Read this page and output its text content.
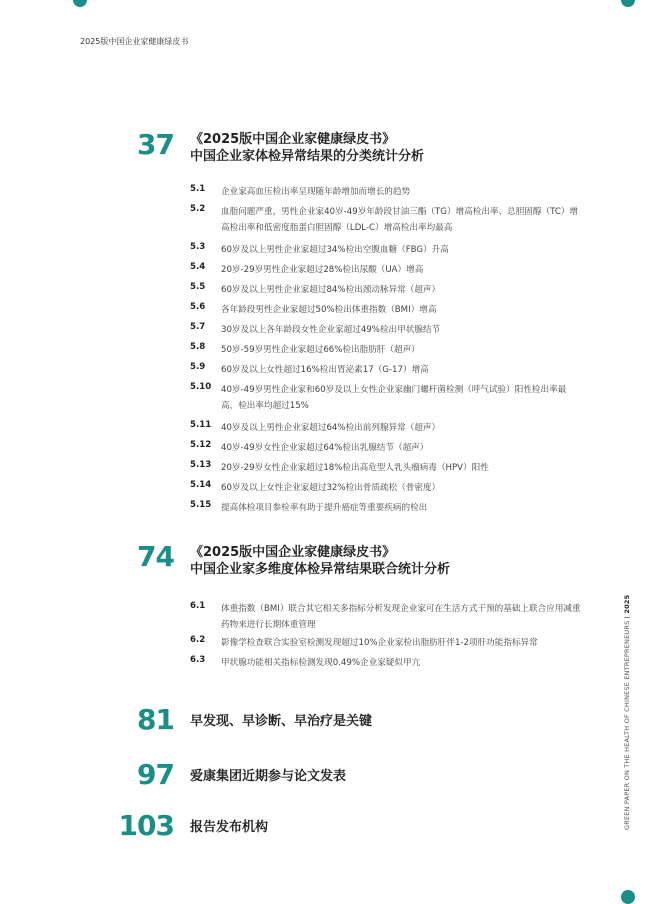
2025版中国企业家健康绿皮书
37 《2025版中国企业家健康绿皮书》
中国企业家体检异常结果的分类统计分析
5.1 企业家高血压检出率呈现随年龄增加而增长的趋势
5.2 血脂问题严重，男性企业家40岁-49岁年龄段甘油三酯（TG）增高检出率、总胆固醇（TC）增高检出率和低密度脂蛋白胆固醇（LDL-C）增高检出率均最高
5.3 60岁及以上男性企业家超过34%检出空腹血糖（FBG）升高
5.4 20岁-29岁男性企业家超过28%检出尿酸（UA）增高
5.5 60岁及以上男性企业家超过84%检出颈动脉异常（超声）
5.6 各年龄段男性企业家超过50%检出体重指数（BMI）增高
5.7 30岁及以上各年龄段女性企业家超过49%检出甲状腺结节
5.8 50岁-59岁男性企业家超过66%检出脂肪肝（超声）
5.9 60岁及以上女性超过16%检出胃泌素17（G-17）增高
5.10 40岁-49岁男性企业家和60岁及以上女性企业家幽门螺杆菌检测（呼气试验）阳性检出率最高，检出率均超过15%
5.11 40岁及以上男性企业家超过64%检出前列腺异常（超声）
5.12 40岁-49岁女性企业家超过64%检出乳腺结节（超声）
5.13 20岁-29岁女性企业家超过18%检出高危型人乳头瘤病毒（HPV）阳性
5.14 60岁及以上女性企业家超过32%检出骨质疏松（骨密度）
5.15 提高体检项目参检率有助于提升癌症等重要疾病的检出
74 《2025版中国企业家健康绿皮书》
中国企业家多维度体检异常结果联合统计分析
6.1 体重指数（BMI）联合其它相关多指标分析发现企业家可在生活方式干预的基础上联合应用减重药物来进行长期体重管理
6.2 影像学检查联合实验室检测发现超过10%企业家检出脂肪肝伴1-2项肝功能指标异常
6.3 甲状腺功能相关指标检测发现0.49%企业家疑似甲亢
81 早发现、早诊断、早治疗是关键
97 爱康集团近期参与论文发表
103 报告发布机构	GREEN PAPER ON THE HEALTH OF CHINESE ENTREPRENEURS2025
